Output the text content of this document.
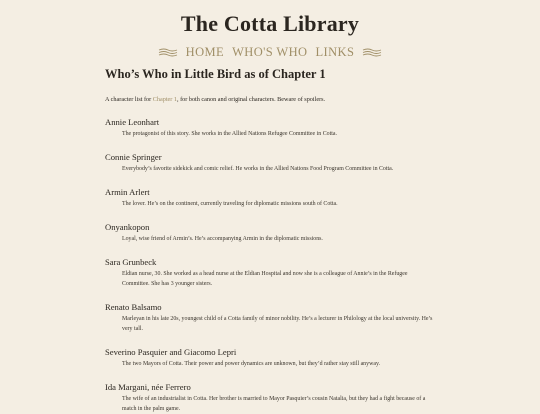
The Cotta Library
HOME WHO'S WHO LINKS
Who’s Who in Little Bird as of Chapter 1

A character list for Chapter 1, for both canon and original characters. Beware of spoilers.

Annie Leonhart
The protagonist of this story. She works in the Allied Nations Refugee Committee in Cotta.
Connie Springer
Everybody’s favorite sidekick and comic relief. He works in the Allied Nations Food Program Committee in Cotta.
Armin Arlert
The lover. He’s on the continent, currently traveling for diplomatic missions south of Cotta.
Onyankopon
Loyal, wise friend of Armin’s. He’s accompanying Armin in the diplomatic missions.
Sara Grunbeck
Eldian nurse, 30. She worked as a head nurse at the Eldian Hospital and now she is a colleague of Annie’s in the Refugee Committee. She has 3 younger sisters.
Renato Balsamo
Marleyan in his late 20s, youngest child of a Cotta family of minor nobility. He’s a lecturer in Philology at the local university. He’s very tall.
Severino Pasquier and Giacomo Lepri
The two Mayors of Cotta. Their power and power dynamics are unknown, but they’d rather stay still anyway.
Ida Margani, née Ferrero
The wife of an industrialist in Cotta. Her brother is married to Mayor Pasquier’s cousin Natalia, but they had a fight because of a match in the palm game.
